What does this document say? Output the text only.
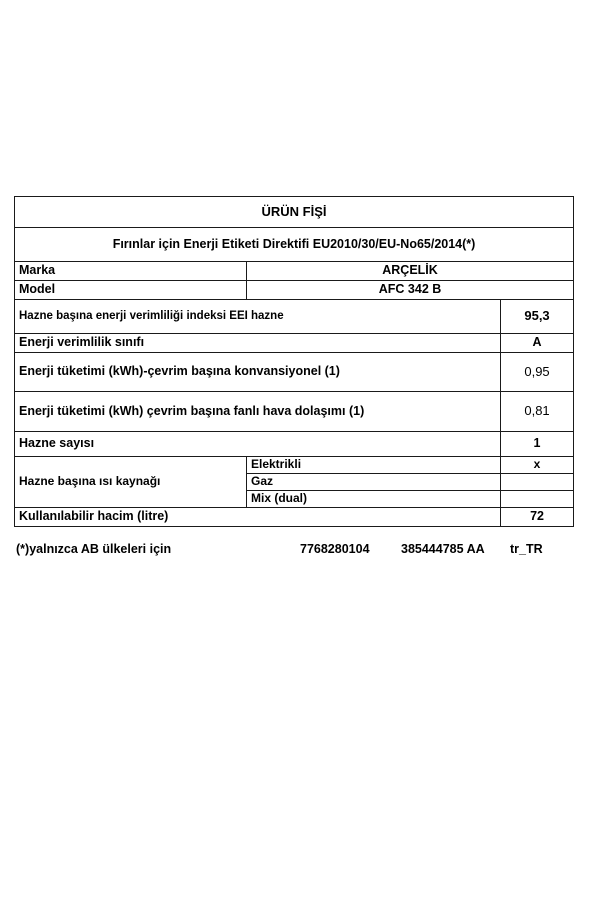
ÜRÜN FİŞİ		
Fırınlar için Enerji Etiketi Direktifi EU2010/30/EU-No65/2014(*)		
Marka	ARÇELİK	
Model	AFC 342 B	
Hazne başına enerji verimliliği indeksi EEI hazne		95,3
Enerji verimlilik sınıfı		A
Enerji tüketimi (kWh)-çevrim başına konvansiyonel (1)		0,95
Enerji tüketimi (kWh) çevrim başına fanlı hava dolaşımı (1)		0,81
Hazne sayısı		1
Hazne başına ısı kaynağı	Elektrikli	x
	Gaz	
	Mix (dual)	
Kullanılabilir hacim (litre)		72
(*)yalnızca AB ülkeleri için	7768280104	385444785 AA tr_TR
